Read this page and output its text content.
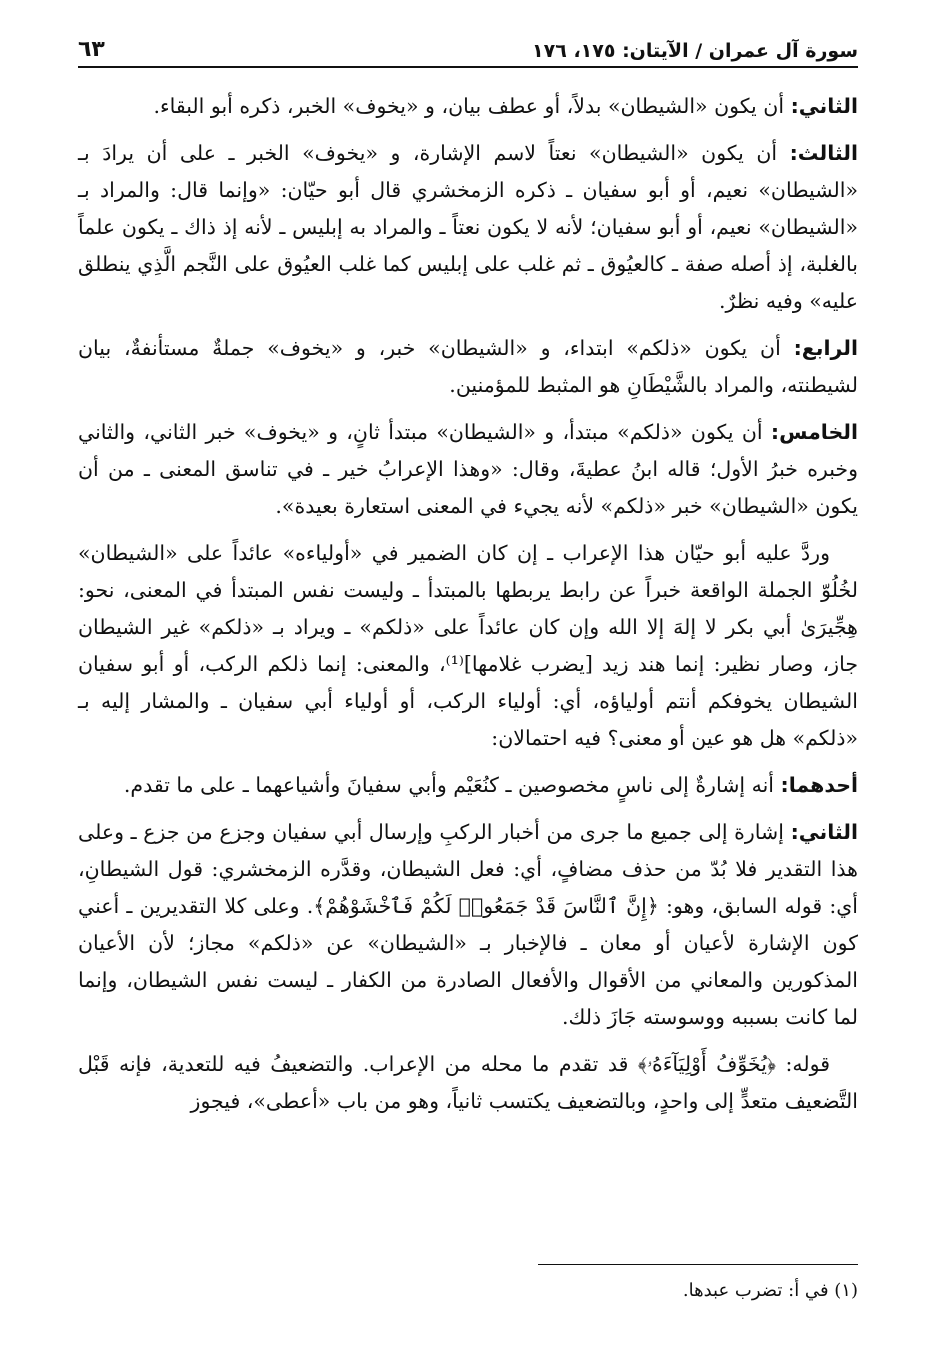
سورة آل عمران / الآيتان: ١٧٥، ١٧٦
٦٣

الثاني: أن يكون «الشيطان» بدلاً، أو عطف بيان، و «يخوف» الخبر، ذكره أبو البقاء.

الثالث: أن يكون «الشيطان» نعتاً لاسم الإشارة، و «يخوف» الخبر ـ على أن يرادَ بـ «الشيطان» نعيم، أو أبو سفيان ـ ذكره الزمخشري قال أبو حيّان: «وإنما قال: والمراد بـ «الشيطان» نعيم، أو أبو سفيان؛ لأنه لا يكون نعتاً ـ والمراد به إبليس ـ لأنه إذ ذاك ـ يكون علماً بالغلبة، إذ أصله صفة ـ كالعيُوق ـ ثم غلب على إبليس كما غلب العيُوق على النَّجم الَّذِي ينطلق عليه» وفيه نظرٌ.

الرابع: أن يكون «ذلكم» ابتداء، و «الشيطان» خبر، و «يخوف» جملةٌ مستأنفةٌ، بيان لشيطنته، والمراد بالشَّيْطَانِ هو المثبط للمؤمنين.

الخامس: أن يكون «ذلكم» مبتدأ، و «الشيطان» مبتدأ ثانٍ، و «يخوف» خبر الثاني، والثاني وخبره خبرُ الأول؛ قاله ابنُ عطيةَ، وقال: «وهذا الإعرابُ خير ـ في تناسق المعنى ـ من أن يكون «الشيطان» خبر «ذلكم» لأنه يجيء في المعنى استعارة بعيدة».

وردَّ عليه أبو حيّان هذا الإعراب ـ إن كان الضمير في «أولياءه» عائداً على «الشيطان» لخُلُوّ الجملة الواقعة خبراً عن رابط يربطها بالمبتدأ ـ وليست نفس المبتدأ في المعنى، نحو: هِجِّيرَىٰ أبي بكر لا إلهَ إلا الله وإن كان عائداً على «ذلكم» ـ ويراد بـ «ذلكم» غير الشيطان جاز، وصار نظير: إنما هند زيد [يضرب غلامها]⁽¹⁾، والمعنى: إنما ذلكم الركب، أو أبو سفيان الشيطان يخوفكم أنتم أولياؤه، أي: أولياء الركب، أو أولياء أبي سفيان ـ والمشار إليه بـ «ذلكم» هل هو عين أو معنى؟ فيه احتمالان:

أحدهما: أنه إشارةٌ إلى ناسٍ مخصوصين ـ كنُعَيْم وأبي سفيانَ وأشياعهما ـ على ما تقدم.

الثاني: إشارة إلى جميع ما جرى من أخبار الركبِ وإرسال أبي سفيان وجزع من جزع ـ وعلى هذا التقدير فلا بُدّ من حذف مضافٍ، أي: فعل الشيطان، وقدَّره الزمخشري: قول الشيطانِ، أي: قوله السابق، وهو: ﴿إِنَّ ٱلنَّاسَ قَدْ جَمَعُوا۟ لَكُمْ فَٱخْشَوْهُمْ﴾. وعلى كلا التقديرين ـ أعني كون الإشارة لأعيان أو معان ـ فالإخبار بـ «الشيطان» عن «ذلكم» مجاز؛ لأن الأعيان المذكورين والمعاني من الأقوال والأفعال الصادرة من الكفار ـ ليست نفس الشيطان، وإنما لما كانت بسببه ووسوسته جَازَ ذلك.

قوله: ﴿يُخَوِّفُ أَوْلِيَآءَهُۥ﴾ قد تقدم ما محله من الإعراب. والتضعيفُ فيه للتعدية، فإنه قَبْل التَّضعيف متعدٍّ إلى واحدٍ، وبالتضعيف يكتسب ثانياً، وهو من باب «أعطى»، فيجوز

(١) في أ: تضرب عبدها.
